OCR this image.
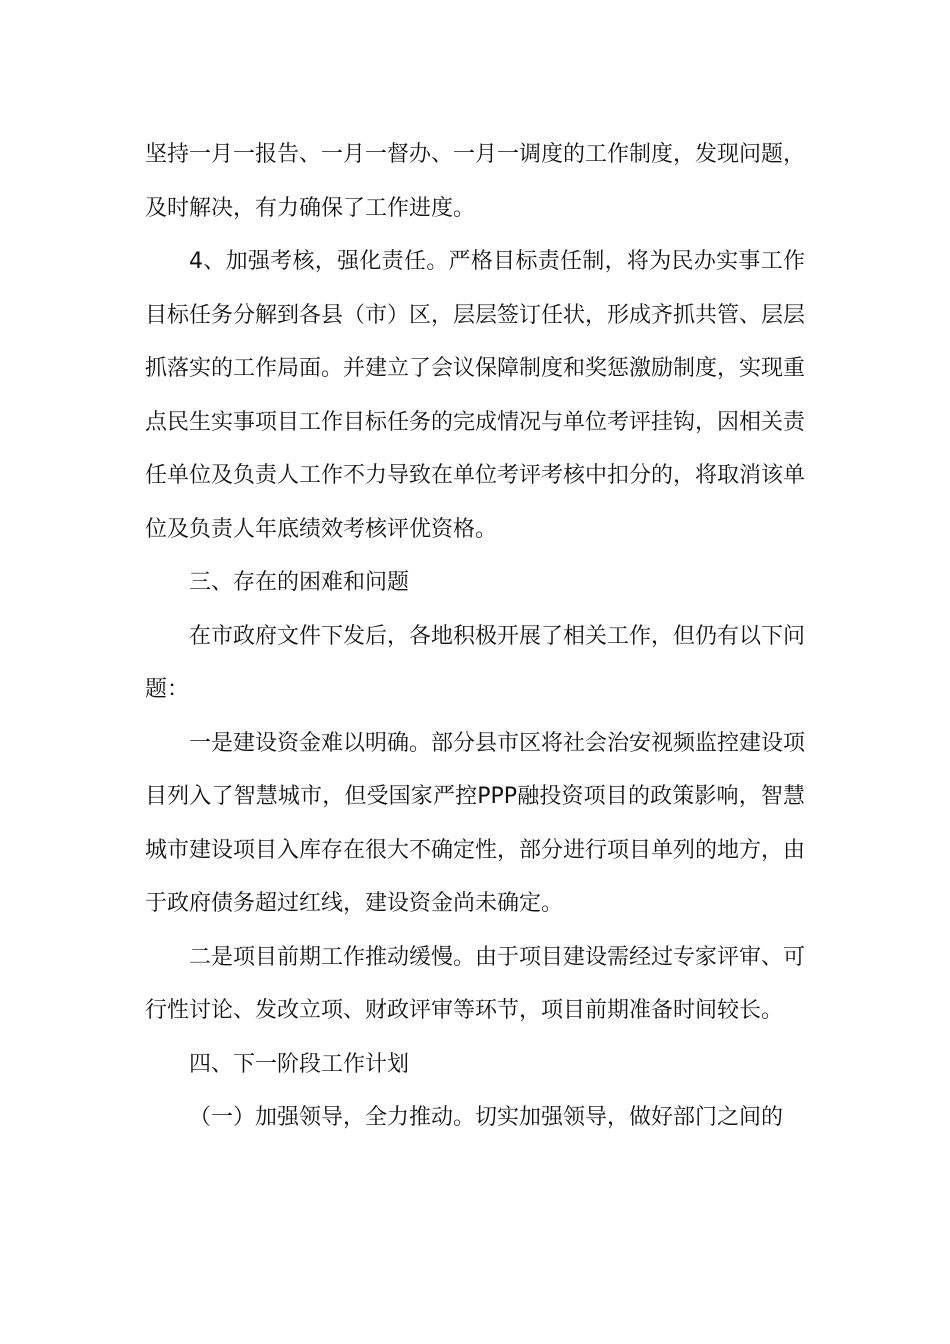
坚持一月一报告、一月一督办、一月一调度的工作制度，发现问题，及时解决，有力确保了工作进度。

4、加强考核，强化责任。严格目标责任制，将为民办实事工作目标任务分解到各县（市）区，层层签订任状，形成齐抓共管、层层抓落实的工作局面。并建立了会议保障制度和奖惩激励制度，实现重点民生实事项目工作目标任务的完成情况与单位考评挂钩，因相关责任单位及负责人工作不力导致在单位考评考核中扣分的，将取消该单位及负责人年底绩效考核评优资格。

三、存在的困难和问题

在市政府文件下发后，各地积极开展了相关工作，但仍有以下问题：

一是建设资金难以明确。部分县市区将社会治安视频监控建设项目列入了智慧城市，但受国家严控PPP融投资项目的政策影响，智慧城市建设项目入库存在很大不确定性，部分进行项目单列的地方，由于政府债务超过红线，建设资金尚未确定。

二是项目前期工作推动缓慢。由于项目建设需经过专家评审、可行性讨论、发改立项、财政评审等环节，项目前期准备时间较长。

四、下一阶段工作计划

（一）加强领导，全力推动。切实加强领导，做好部门之间的
